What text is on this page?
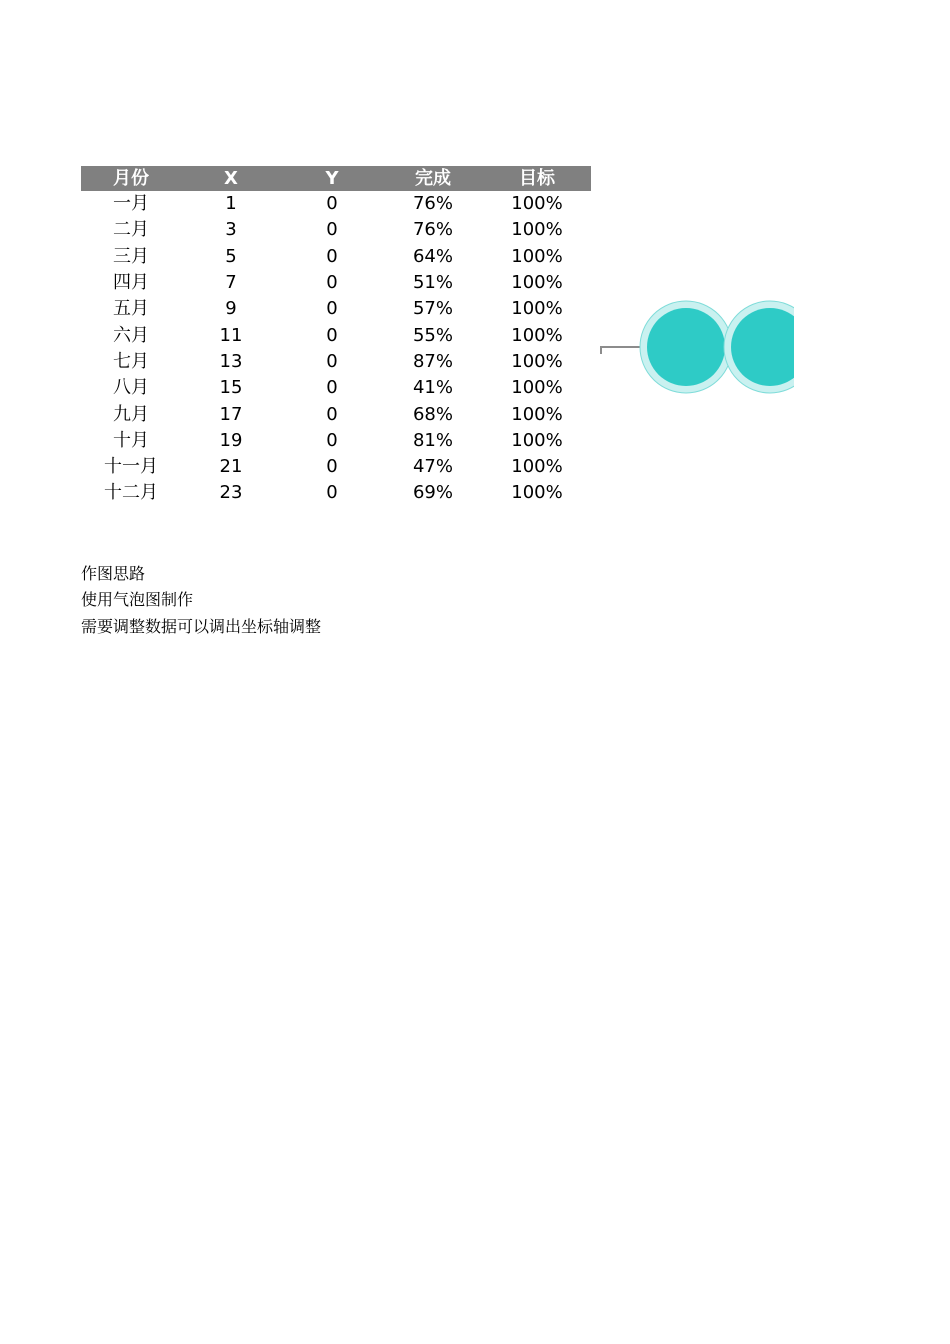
月份	X	Y	完成	目标
一月	1	0	76%	100%
二月	3	0	76%	100%
三月	5	0	64%	100%
四月	7	0	51%	100%
五月	9	0	57%	100%
六月	11	0	55%	100%
七月	13	0	87%	100%
八月	15	0	41%	100%
九月	17	0	68%	100%
十月	19	0	81%	100%
十一月	21	0	47%	100%
十二月	23	0	69%	100%
作图思路
使用气泡图制作
需要调整数据可以调出坐标轴调整
